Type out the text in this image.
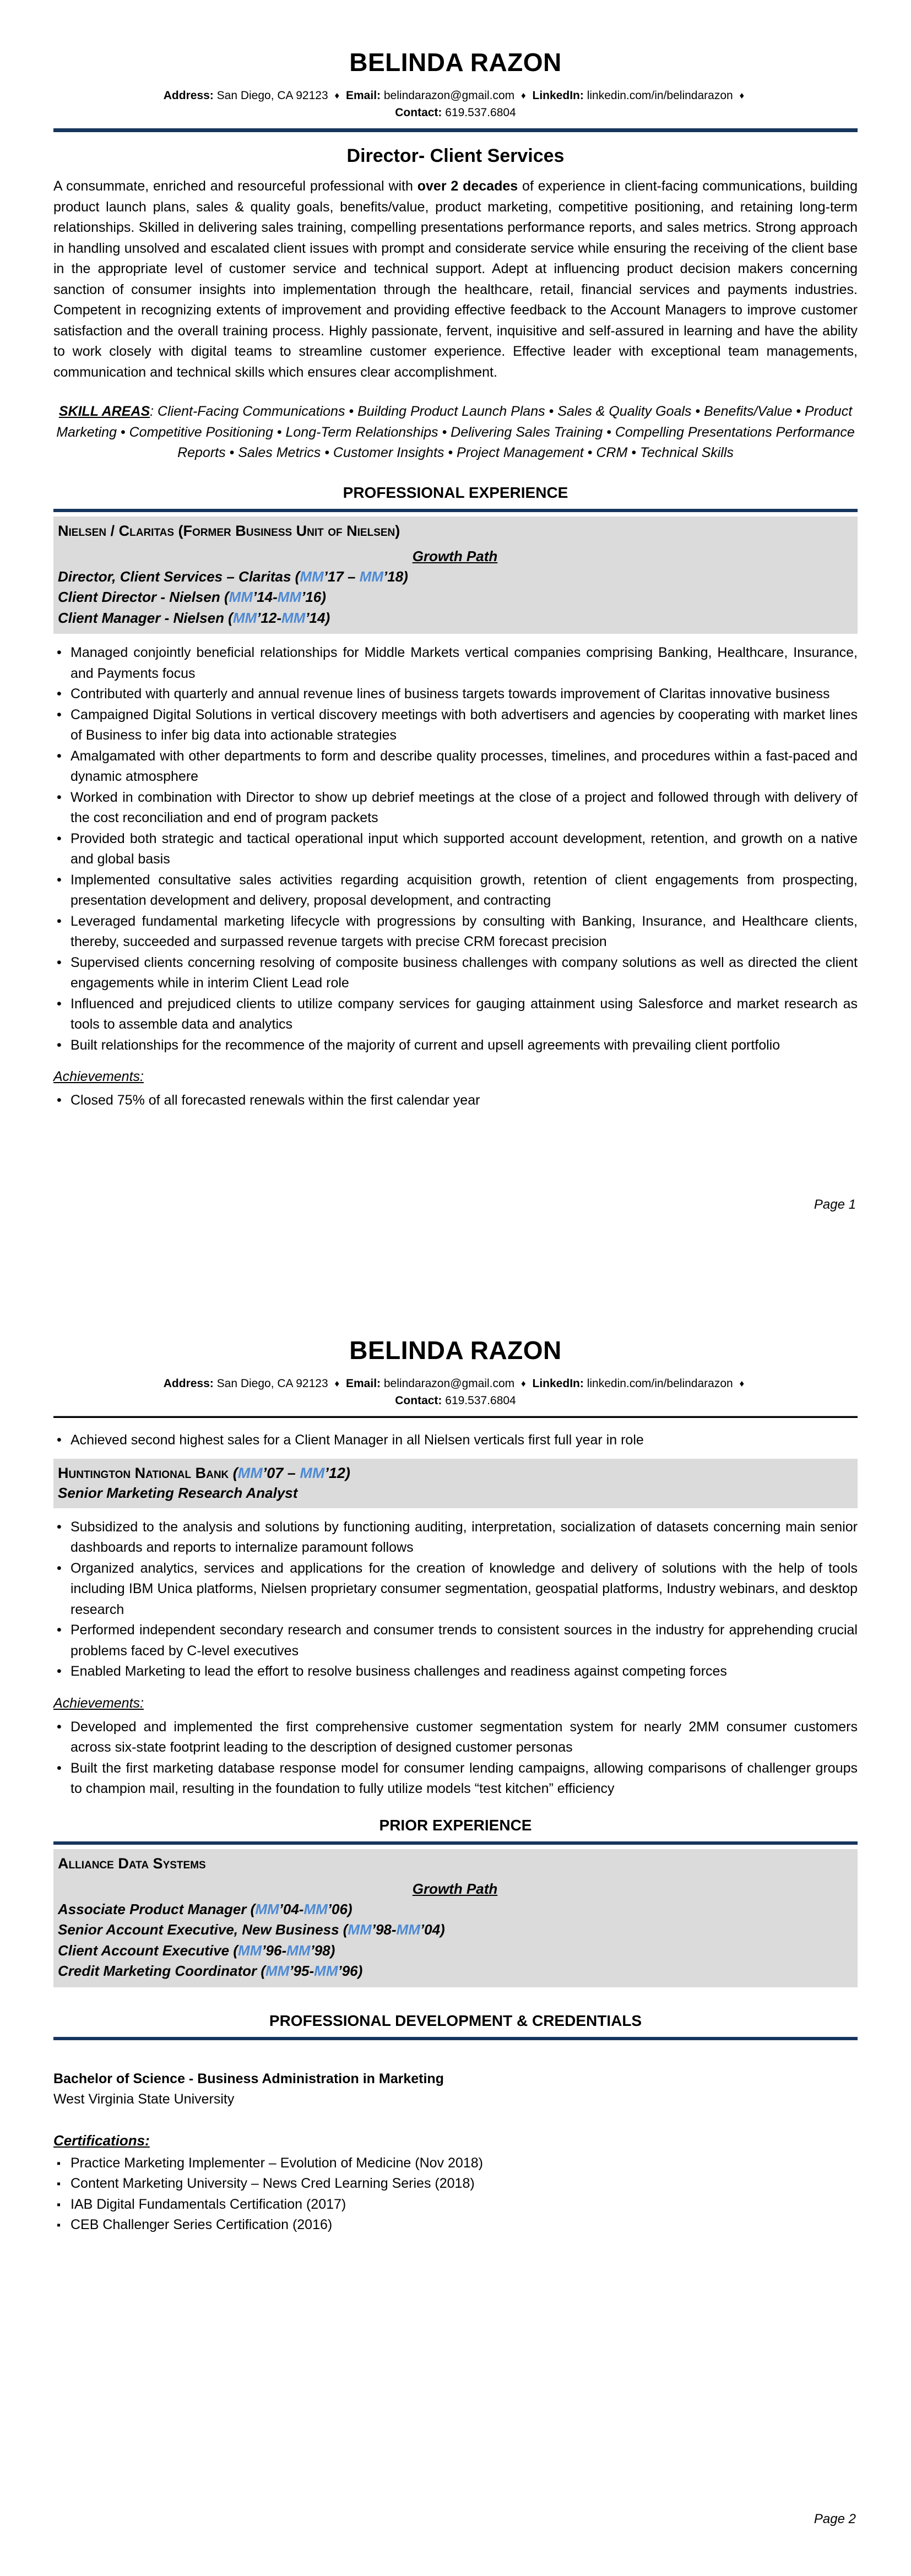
BELINDA RAZON
Address: San Diego, CA 92123 ♦ Email: belindarazon@gmail.com ♦ LinkedIn: linkedin.com/in/belindarazon ♦
Contact: 619.537.6804
Director- Client Services

A consummate, enriched and resourceful professional with over 2 decades of experience in client-facing communications, building product launch plans, sales & quality goals, benefits/value, product marketing, competitive positioning, and retaining long-term relationships. Skilled in delivering sales training, compelling presentations performance reports, and sales metrics. Strong approach in handling unsolved and escalated client issues with prompt and considerate service while ensuring the receiving of the client base in the appropriate level of customer service and technical support. Adept at influencing product decision makers concerning sanction of consumer insights into implementation through the healthcare, retail, financial services and payments industries. Competent in recognizing extents of improvement and providing effective feedback to the Account Managers to improve customer satisfaction and the overall training process. Highly passionate, fervent, inquisitive and self-assured in learning and have the ability to work closely with digital teams to streamline customer experience. Effective leader with exceptional team managements, communication and technical skills which ensures clear accomplishment.

SKILL AREAS: Client-Facing Communications • Building Product Launch Plans • Sales & Quality Goals • Benefits/Value • Product Marketing • Competitive Positioning • Long-Term Relationships • Delivering Sales Training • Compelling Presentations Performance Reports • Sales Metrics • Customer Insights • Project Management • CRM • Technical Skills

PROFESSIONAL EXPERIENCE
Nielsen / Claritas (Former Business Unit of Nielsen)
Growth Path
Director, Client Services – Claritas (MM’17 – MM’18)
Client Director - Nielsen (MM’14-MM’16)
Client Manager - Nielsen (MM’12-MM’14)
• Managed conjointly beneficial relationships for Middle Markets vertical companies comprising Banking, Healthcare, Insurance, and Payments focus
• Contributed with quarterly and annual revenue lines of business targets towards improvement of Claritas innovative business
• Campaigned Digital Solutions in vertical discovery meetings with both advertisers and agencies by cooperating with market lines of Business to infer big data into actionable strategies
• Amalgamated with other departments to form and describe quality processes, timelines, and procedures within a fast-paced and dynamic atmosphere
• Worked in combination with Director to show up debrief meetings at the close of a project and followed through with delivery of the cost reconciliation and end of program packets
• Provided both strategic and tactical operational input which supported account development, retention, and growth on a native and global basis
• Implemented consultative sales activities regarding acquisition growth, retention of client engagements from prospecting, presentation development and delivery, proposal development, and contracting
• Leveraged fundamental marketing lifecycle with progressions by consulting with Banking, Insurance, and Healthcare clients, thereby, succeeded and surpassed revenue targets with precise CRM forecast precision
• Supervised clients concerning resolving of composite business challenges with company solutions as well as directed the client engagements while in interim Client Lead role
• Influenced and prejudiced clients to utilize company services for gauging attainment using Salesforce and market research as tools to assemble data and analytics
• Built relationships for the recommence of the majority of current and upsell agreements with prevailing client portfolio
Achievements:
• Closed 75% of all forecasted renewals within the first calendar year
Page 1
BELINDA RAZON
Address: San Diego, CA 92123 ♦ Email: belindarazon@gmail.com ♦ LinkedIn: linkedin.com/in/belindarazon ♦
Contact: 619.537.6804
• Achieved second highest sales for a Client Manager in all Nielsen verticals first full year in role
Huntington National Bank (MM’07 – MM’12)
Senior Marketing Research Analyst
• Subsidized to the analysis and solutions by functioning auditing, interpretation, socialization of datasets concerning main senior dashboards and reports to internalize paramount follows
• Organized analytics, services and applications for the creation of knowledge and delivery of solutions with the help of tools including IBM Unica platforms, Nielsen proprietary consumer segmentation, geospatial platforms, Industry webinars, and desktop research
• Performed independent secondary research and consumer trends to consistent sources in the industry for apprehending crucial problems faced by C-level executives
• Enabled Marketing to lead the effort to resolve business challenges and readiness against competing forces
Achievements:
• Developed and implemented the first comprehensive customer segmentation system for nearly 2MM consumer customers across six-state footprint leading to the description of designed customer personas
• Built the first marketing database response model for consumer lending campaigns, allowing comparisons of challenger groups to champion mail, resulting in the foundation to fully utilize models “test kitchen” efficiency
PRIOR EXPERIENCE
Alliance Data Systems
Growth Path
Associate Product Manager (MM’04-MM’06)
Senior Account Executive, New Business (MM’98-MM’04)
Client Account Executive (MM’96-MM’98)
Credit Marketing Coordinator (MM’95-MM’96)
PROFESSIONAL DEVELOPMENT & CREDENTIALS
Bachelor of Science - Business Administration in Marketing
West Virginia State University
Certifications:
▪ Practice Marketing Implementer – Evolution of Medicine (Nov 2018)
▪ Content Marketing University – News Cred Learning Series (2018)
▪ IAB Digital Fundamentals Certification (2017)
▪ CEB Challenger Series Certification (2016)
Page 2
